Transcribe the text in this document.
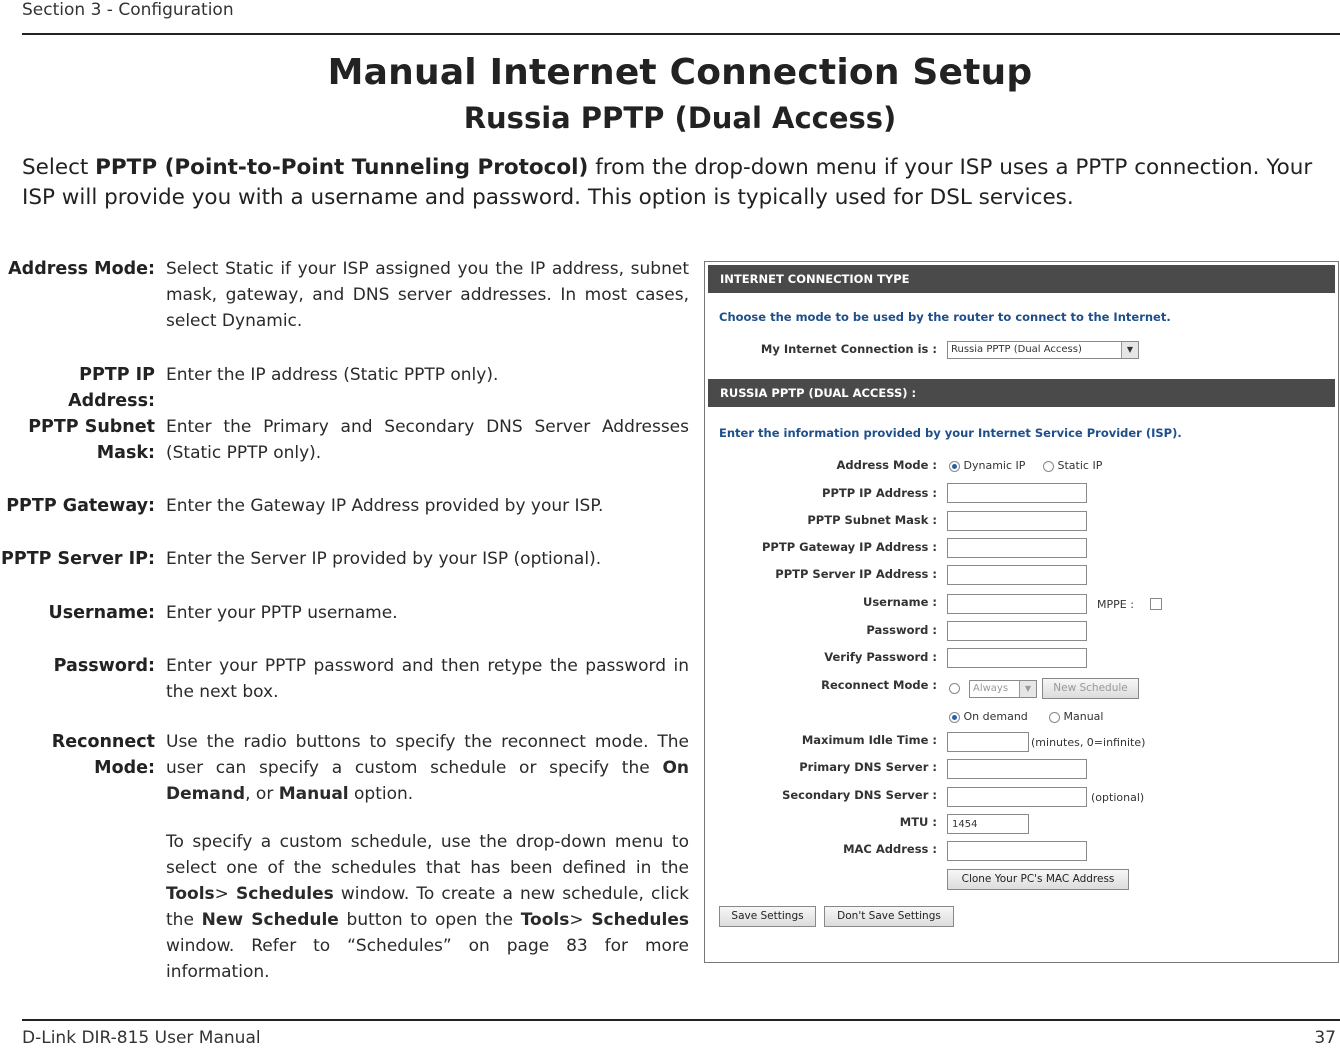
Section 3 - Configuration
Manual Internet Connection Setup
Russia PPTP (Dual Access)
Select PPTP (Point-to-Point Tunneling Protocol) from the drop-down menu if your ISP uses a PPTP connection. Your ISP will provide you with a username and password. This option is typically used for DSL services.
Address Mode: Select Static if your ISP assigned you the IP address, subnet mask, gateway, and DNS server addresses. In most cases, select Dynamic.
PPTP IP Address:
Enter the IP address (Static PPTP only).
PPTP Subnet
Mask:
Enter the Primary and Secondary DNS Server Addresses (Static PPTP only).
PPTP Gateway: Enter the Gateway IP Address provided by your ISP.
PPTP Server IP: Enter the Server IP provided by your ISP (optional).
Username: Enter your PPTP username.
Password: Enter your PPTP password and then retype the password in the next box.
Reconnect
Mode:
Use the radio buttons to specify the reconnect mode. The user can specify a custom schedule or specify the On Demand, or Manual option.
To specify a custom schedule, use the drop-down menu to select one of the schedules that has been defined in the Tools> Schedules window. To create a new schedule, click the New Schedule button to open the Tools> Schedules window. Refer to “Schedules” on page 83 for more information.
INTERNET CONNECTION TYPE
Choose the mode to be used by the router to connect to the Internet.
My Internet Connection is :	Russia PPTP (Dual Access)	▼
RUSSIA PPTP (DUAL ACCESS) :
Enter the information provided by your Internet Service Provider (ISP).
Address Mode :	Dynamic IP	Static IP
PPTP IP Address :
PPTP Subnet Mask :
PPTP Gateway IP Address :
PPTP Server IP Address :
Username :	MPPE :
Password :
Verify Password :
Reconnect Mode :	Always	▼	New Schedule
On demand	Manual
Maximum Idle Time :	(minutes, 0=infinite)
Primary DNS Server :
Secondary DNS Server :	(optional)
MTU :	1454
MAC Address :
Clone Your PC's MAC Address
Save Settings	Don't Save Settings
D-Link DIR-815 User Manual	37
